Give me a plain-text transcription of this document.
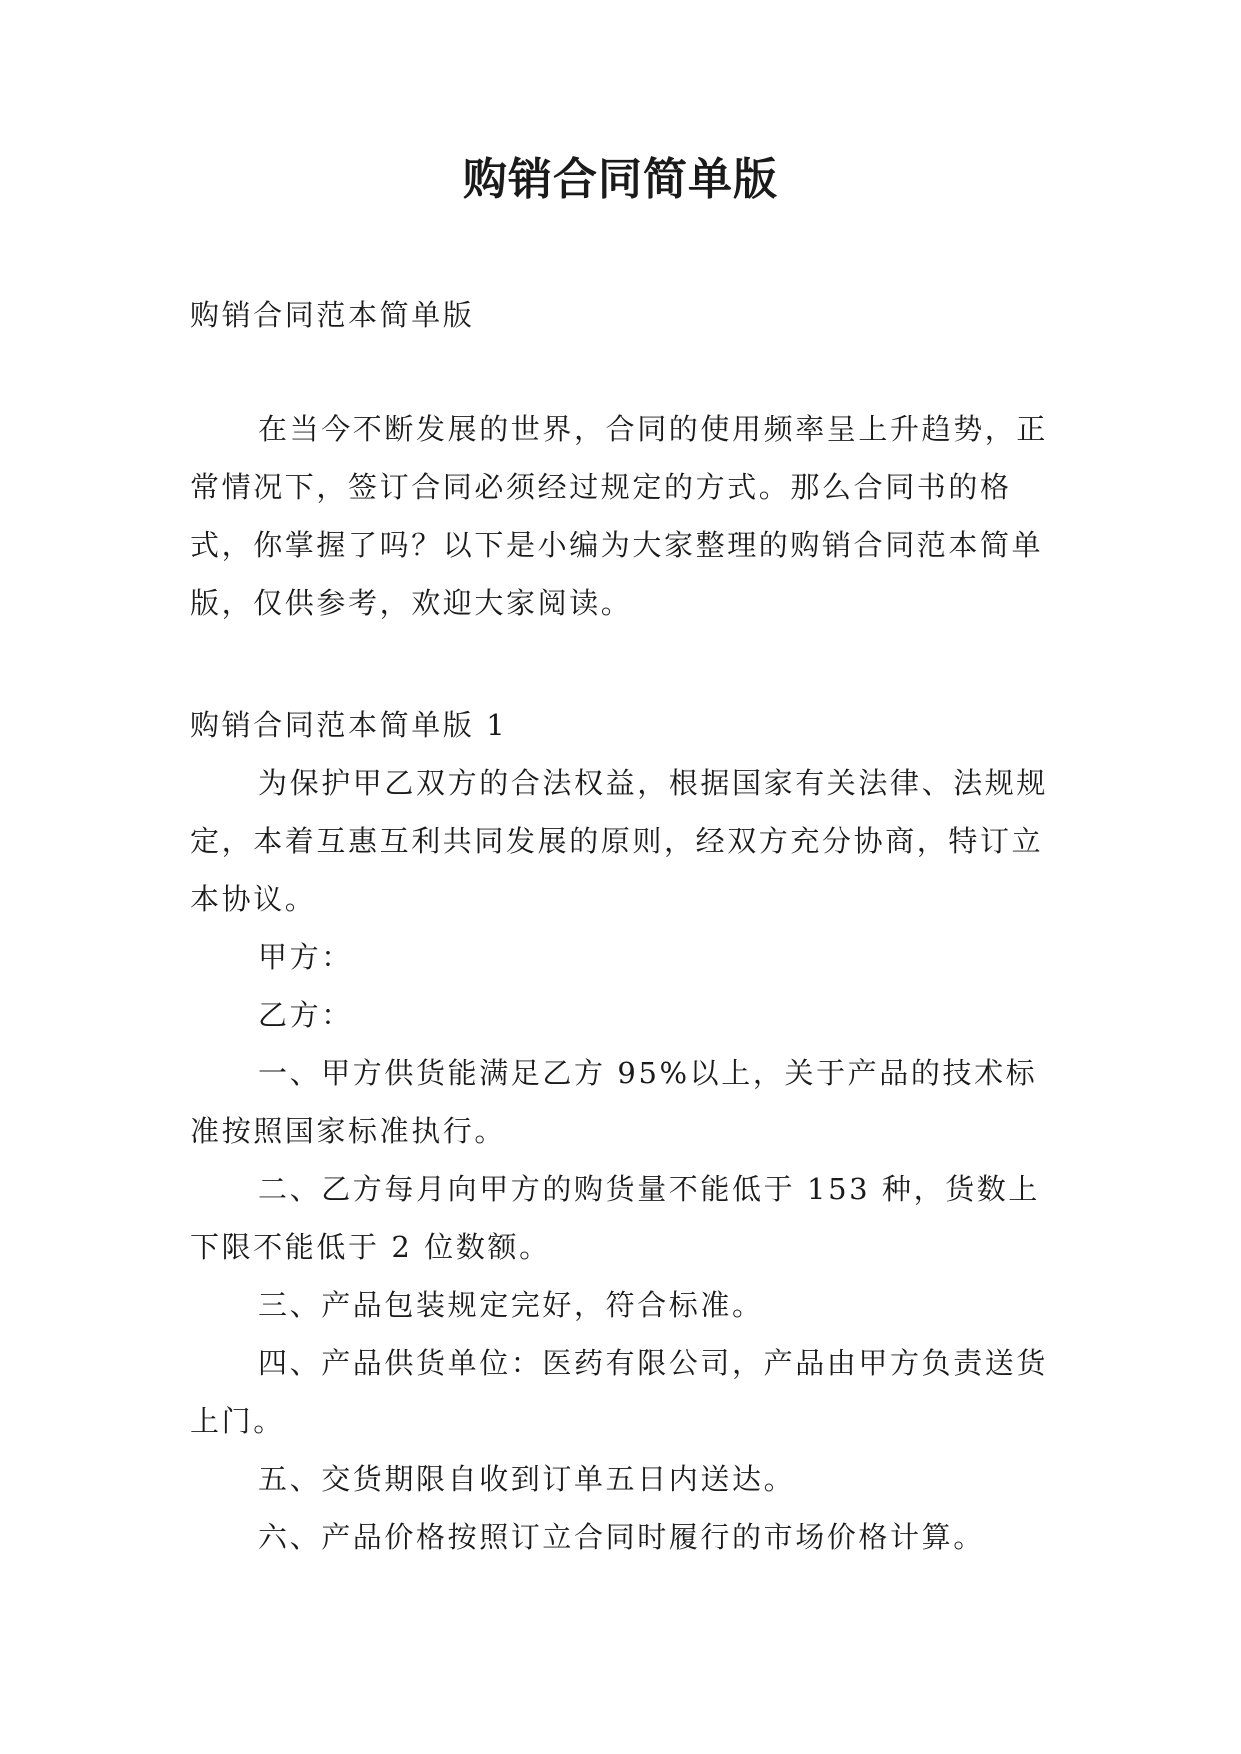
购销合同简单版

购销合同范本简单版

在当今不断发展的世界，合同的使用频率呈上升趋势，正常情况下，签订合同必须经过规定的方式。那么合同书的格式，你掌握了吗？以下是小编为大家整理的购销合同范本简单版，仅供参考，欢迎大家阅读。

购销合同范本简单版 1

为保护甲乙双方的合法权益，根据国家有关法律、法规规定，本着互惠互利共同发展的原则，经双方充分协商，特订立本协议。

甲方：

乙方：

一、甲方供货能满足乙方 95%以上，关于产品的技术标准按照国家标准执行。

二、乙方每月向甲方的购货量不能低于 153 种，货数上下限不能低于 2 位数额。

三、产品包装规定完好，符合标准。

四、产品供货单位：医药有限公司，产品由甲方负责送货上门。

五、交货期限自收到订单五日内送达。

六、产品价格按照订立合同时履行的市场价格计算。
